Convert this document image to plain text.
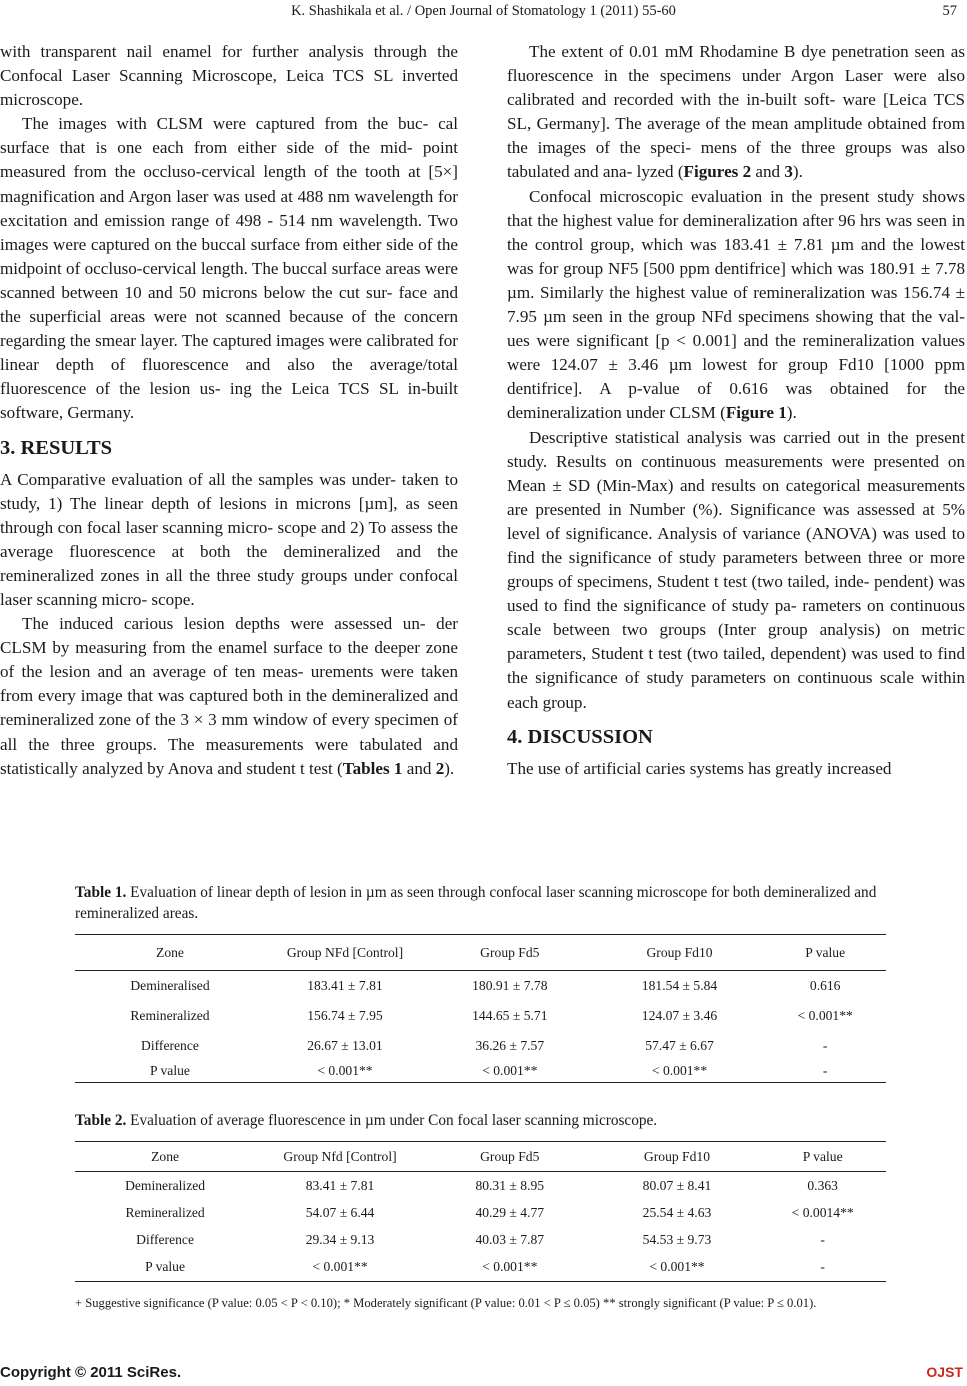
K. Shashikala et al. / Open Journal of Stomatology 1 (2011) 55-60	57

with transparent nail enamel for further analysis through the Confocal Laser Scanning Microscope, Leica TCS SL inverted microscope.

The images with CLSM were captured from the buc- cal surface that is one each from either side of the mid- point measured from the occluso-cervical length of the tooth at [5×] magnification and Argon laser was used at 488 nm wavelength for excitation and emission range of 498 - 514 nm wavelength. Two images were captured on the buccal surface from either side of the midpoint of occluso-cervical length. The buccal surface areas were scanned between 10 and 50 microns below the cut sur- face and the superficial areas were not scanned because of the concern regarding the smear layer. The captured images were calibrated for linear depth of fluorescence and also the average/total fluorescence of the lesion us- ing the Leica TCS SL in-built software, Germany.

3. RESULTS

A Comparative evaluation of all the samples was under- taken to study, 1) The linear depth of lesions in microns [µm], as seen through con focal laser scanning micro- scope and 2) To assess the average fluorescence at both the demineralized and the remineralized zones in all the three study groups under confocal laser scanning micro- scope.

The induced carious lesion depths were assessed un- der CLSM by measuring from the enamel surface to the deeper zone of the lesion and an average of ten meas- urements were taken from every image that was captured both in the demineralized and remineralized zone of the 3 × 3 mm window of every specimen of all the three groups. The measurements were tabulated and statistically analyzed by Anova and student t test (Tables 1 and 2).

The extent of 0.01 mM Rhodamine B dye penetration seen as fluorescence in the specimens under Argon Laser were also calibrated and recorded with the in-built soft- ware [Leica TCS SL, Germany]. The average of the mean amplitude obtained from the images of the speci- mens of the three groups was also tabulated and ana- lyzed (Figures 2 and 3).

Confocal microscopic evaluation in the present study shows that the highest value for demineralization after 96 hrs was seen in the control group, which was 183.41 ± 7.81 µm and the lowest was for group NF5 [500 ppm dentifrice] which was 180.91 ± 7.78 µm. Similarly the highest value of remineralization was 156.74 ± 7.95 µm seen in the group NFd specimens showing that the val- ues were significant [p < 0.001] and the remineralization values were 124.07 ± 3.46 µm lowest for group Fd10 [1000 ppm dentifrice]. A p-value of 0.616 was obtained for the demineralization under CLSM (Figure 1).

Descriptive statistical analysis was carried out in the present study. Results on continuous measurements were presented on Mean ± SD (Min-Max) and results on categorical measurements are presented in Number (%). Significance was assessed at 5% level of significance. Analysis of variance (ANOVA) was used to find the significance of study parameters between three or more groups of specimens, Student t test (two tailed, inde- pendent) was used to find the significance of study pa- rameters on continuous scale between two groups (Inter group analysis) on metric parameters, Student t test (two tailed, dependent) was used to find the significance of study parameters on continuous scale within each group.

4. DISCUSSION

The use of artificial caries systems has greatly increased

Table 1. Evaluation of linear depth of lesion in µm as seen through confocal laser scanning microscope for both demineralized and remineralized areas.
Zone	Group NFd [Control]	Group Fd5	Group Fd10	P value
Demineralised	183.41 ± 7.81	180.91 ± 7.78	181.54 ± 5.84	0.616
Remineralized	156.74 ± 7.95	144.65 ± 5.71	124.07 ± 3.46	< 0.001**
Difference	26.67 ± 13.01	36.26 ± 7.57	57.47 ± 6.67	-
P value	< 0.001**	< 0.001**	< 0.001**	-
Table 2. Evaluation of average fluorescence in µm under Con focal laser scanning microscope.
Zone	Group Nfd [Control]	Group Fd5	Group Fd10	P value
Demineralized	83.41 ± 7.81	80.31 ± 8.95	80.07 ± 8.41	0.363
Remineralized	54.07 ± 6.44	40.29 ± 4.77	25.54 ± 4.63	< 0.0014**
Difference	29.34 ± 9.13	40.03 ± 7.87	54.53 ± 9.73	-
P value	< 0.001**	< 0.001**	< 0.001**	-
+ Suggestive significance (P value: 0.05 < P < 0.10); * Moderately significant (P value: 0.01 < P ≤ 0.05) ** strongly significant (P value: P ≤ 0.01).
Copyright © 2011 SciRes.	OJST
